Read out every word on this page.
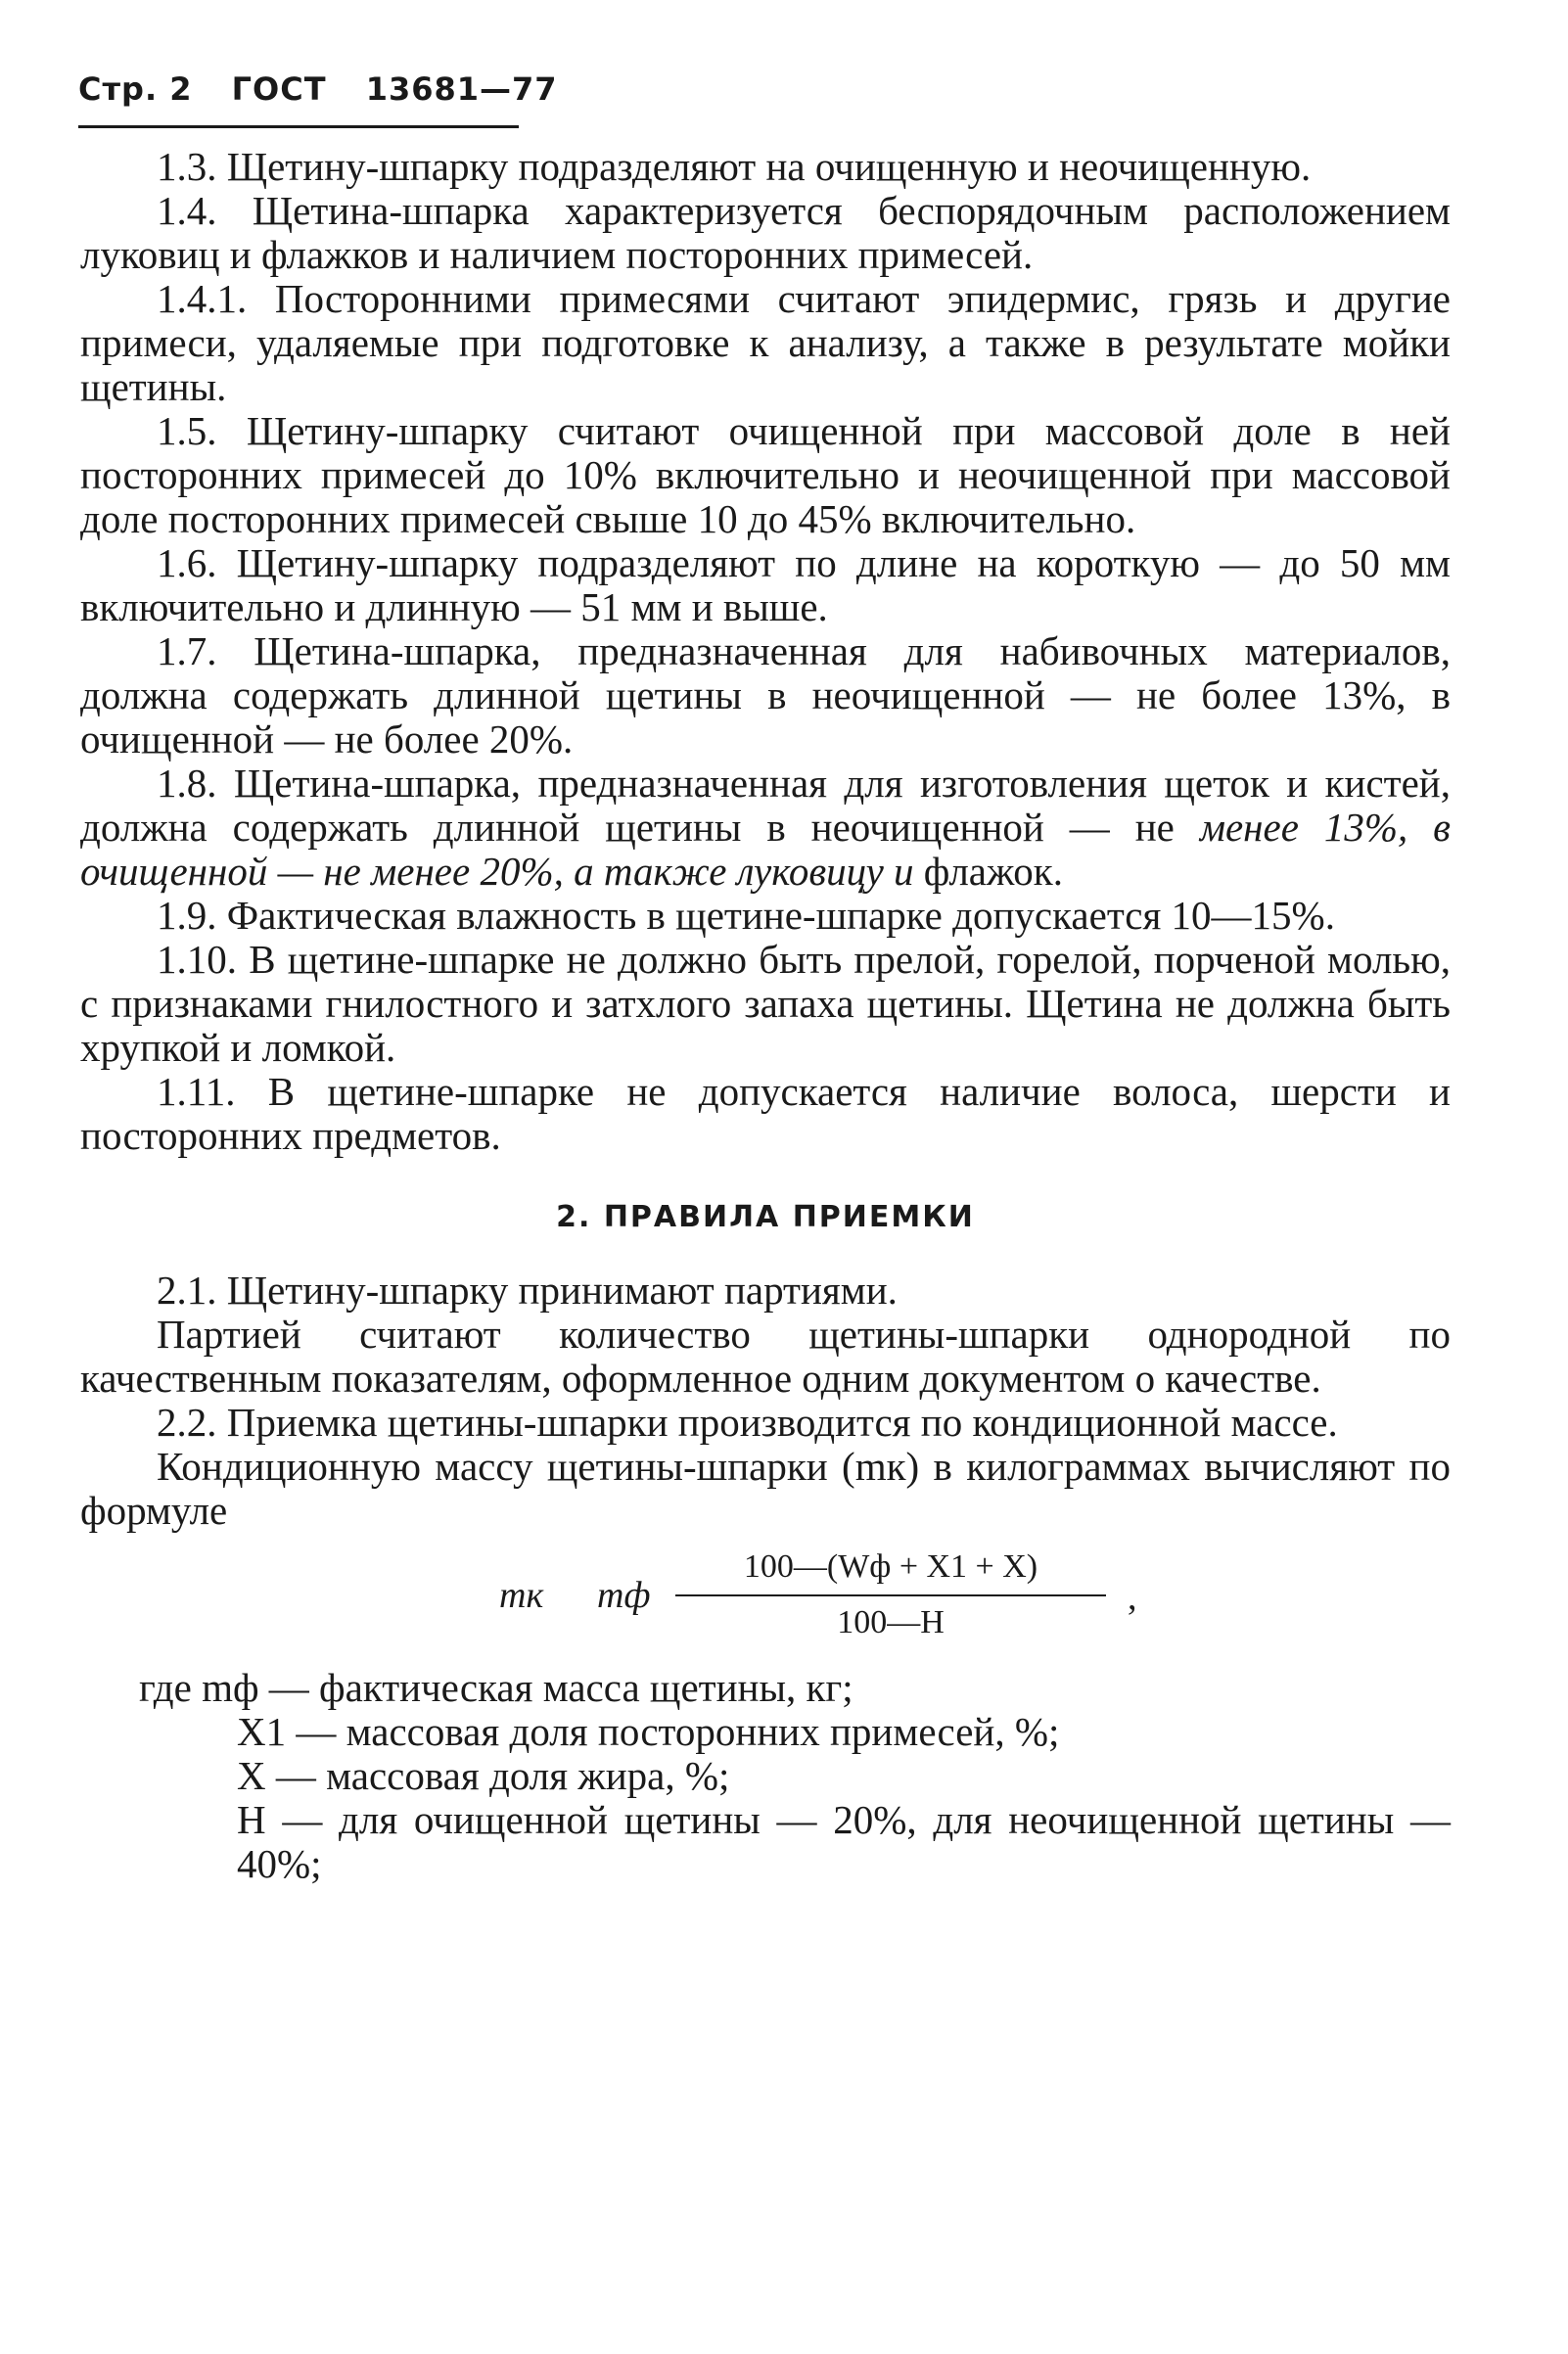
Стр. 2 ГОСТ 13681—77

1.3. Щетину-шпарку подразделяют на очищенную и неочищенную.

1.4. Щетина-шпарка характеризуется беспорядочным расположением луковиц и флажков и наличием посторонних примесей.

1.4.1. Посторонними примесями считают эпидермис, грязь и другие примеси, удаляемые при подготовке к анализу, а также в результате мойки щетины.

1.5. Щетину-шпарку считают очищенной при массовой доле в ней посторонних примесей до 10% включительно и неочищенной при массовой доле посторонних примесей свыше 10 до 45% включительно.

1.6. Щетину-шпарку подразделяют по длине на короткую — до 50 мм включительно и длинную — 51 мм и выше.

1.7. Щетина-шпарка, предназначенная для набивочных материалов, должна содержать длинной щетины в неочищенной — не более 13%, в очищенной — не более 20%.

1.8. Щетина-шпарка, предназначенная для изготовления щеток и кистей, должна содержать длинной щетины в неочищенной — не менее 13%, в очищенной — не менее 20%, а также луковицу и флажок.

1.9. Фактическая влажность в щетине-шпарке допускается 10—15%.

1.10. В щетине-шпарке не должно быть прелой, горелой, порченой молью, с признаками гнилостного и затхлого запаха щетины. Щетина не должна быть хрупкой и ломкой.

1.11. В щетине-шпарке не допускается наличие волоса, шерсти и посторонних предметов.

2. ПРАВИЛА ПРИЕМКИ

2.1. Щетину-шпарку принимают партиями.

Партией считают количество щетины-шпарки однородной по качественным показателям, оформленное одним документом о качестве.

2.2. Приемка щетины-шпарки производится по кондиционной массе.

Кондиционную массу щетины-шпарки (mк) в килограммах вычисляют по формуле

mк mф
100—(Wф + X1 + X)
100—H
,

где mф — фактическая масса щетины, кг;

X1 — массовая доля посторонних примесей, %;

X — массовая доля жира, %;

H — для очищенной щетины — 20%, для неочищенной щетины — 40%;
